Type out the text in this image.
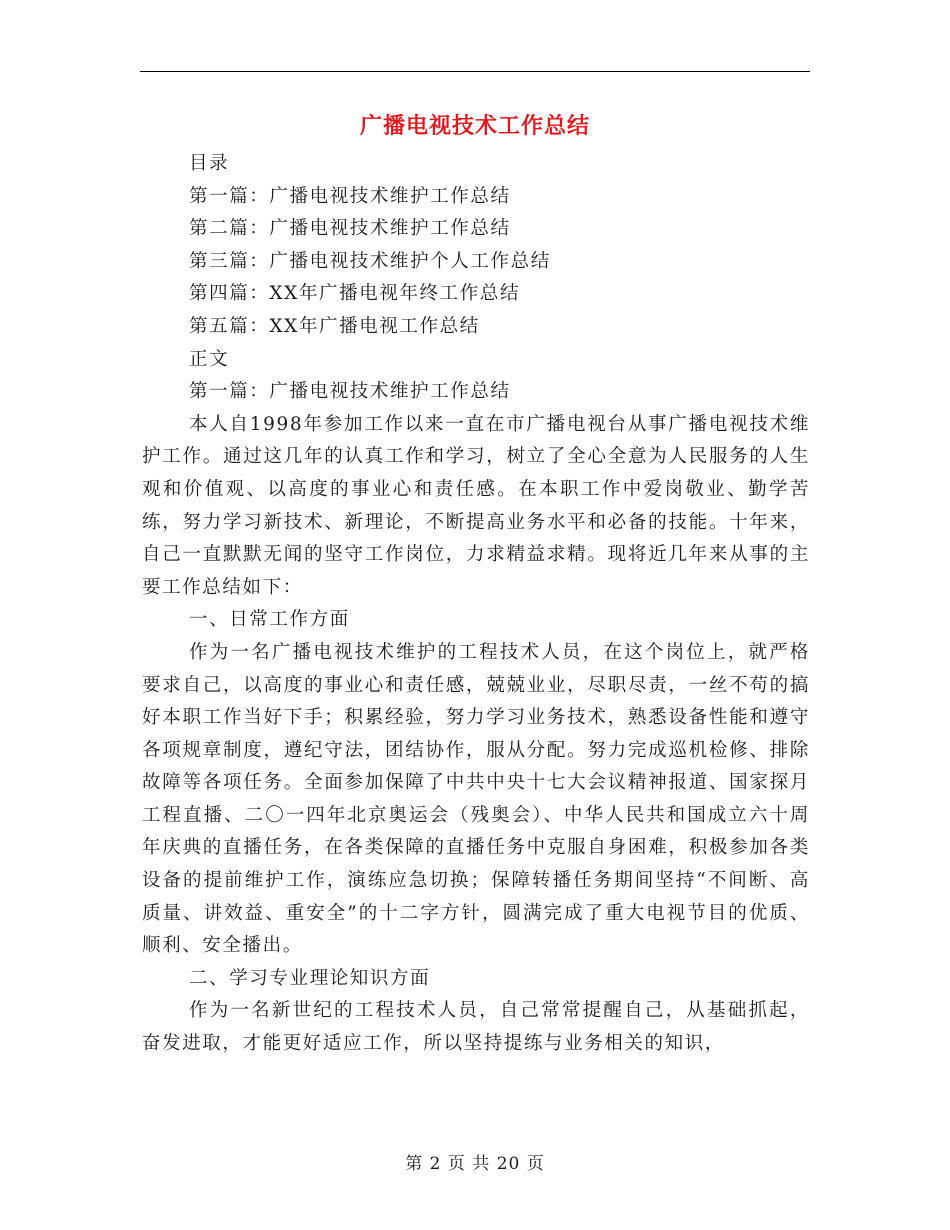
广播电视技术工作总结

目录

第一篇：广播电视技术维护工作总结

第二篇：广播电视技术维护工作总结

第三篇：广播电视技术维护个人工作总结

第四篇：XX年广播电视年终工作总结

第五篇：XX年广播电视工作总结

正文

第一篇：广播电视技术维护工作总结

本人自1998年参加工作以来一直在市广播电视台从事广播电视技术维护工作。通过这几年的认真工作和学习，树立了全心全意为人民服务的人生观和价值观、以高度的事业心和责任感。在本职工作中爱岗敬业、勤学苦练，努力学习新技术、新理论，不断提高业务水平和必备的技能。十年来，自己一直默默无闻的坚守工作岗位，力求精益求精。现将近几年来从事的主要工作总结如下：

一、日常工作方面

作为一名广播电视技术维护的工程技术人员，在这个岗位上，就严格要求自己，以高度的事业心和责任感，兢兢业业，尽职尽责，一丝不苟的搞好本职工作当好下手；积累经验，努力学习业务技术，熟悉设备性能和遵守各项规章制度，遵纪守法，团结协作，服从分配。努力完成巡机检修、排除故障等各项任务。全面参加保障了中共中央十七大会议精神报道、国家探月工程直播、二〇一四年北京奥运会（残奥会）、中华人民共和国成立六十周年庆典的直播任务，在各类保障的直播任务中克服自身困难，积极参加各类设备的提前维护工作，演练应急切换；保障转播任务期间坚持“不间断、高质量、讲效益、重安全”的十二字方针，圆满完成了重大电视节目的优质、顺利、安全播出。

二、学习专业理论知识方面

作为一名新世纪的工程技术人员，自己常常提醒自己，从基础抓起，奋发进取，才能更好适应工作，所以坚持提练与业务相关的知识，

第 2 页 共 20 页
